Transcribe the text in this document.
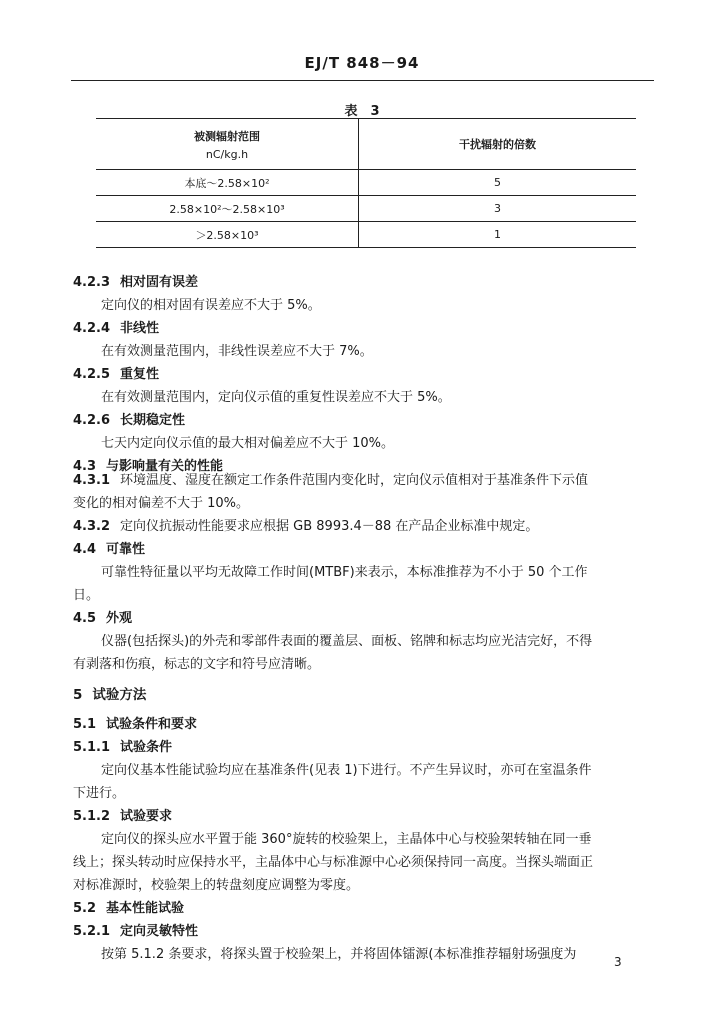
EJ/T 848－94
表　3
被测辐射范围
nC/kg.h	干扰辐射的倍数
本底～2.58×10²	5
2.58×10²～2.58×10³	3
＞2.58×10³	1
4.2.3 相对固有误差
定向仪的相对固有误差应不大于 5%。
4.2.4 非线性
在有效测量范围内，非线性误差应不大于 7%。
4.2.5 重复性
在有效测量范围内，定向仪示值的重复性误差应不大于 5%。
4.2.6 长期稳定性
七天内定向仪示值的最大相对偏差应不大于 10%。
4.3 与影响量有关的性能
4.3.1 环境温度、湿度在额定工作条件范围内变化时，定向仪示值相对于基准条件下示值
变化的相对偏差不大于 10%。
4.3.2 定向仪抗振动性能要求应根据 GB 8993.4－88 在产品企业标准中规定。
4.4 可靠性
可靠性特征量以平均无故障工作时间(MTBF)来表示，本标准推荐为不小于 50 个工作
日。
4.5 外观
仪器(包括探头)的外壳和零部件表面的覆盖层、面板、铭牌和标志均应光洁完好，不得
有剥落和伤痕，标志的文字和符号应清晰。
5 试验方法
5.1 试验条件和要求
5.1.1 试验条件
定向仪基本性能试验均应在基准条件(见表 1)下进行。不产生异议时，亦可在室温条件
下进行。
5.1.2 试验要求
定向仪的探头应水平置于能 360°旋转的校验架上，主晶体中心与校验架转轴在同一垂
线上；探头转动时应保持水平，主晶体中心与标准源中心必须保持同一高度。当探头端面正
对标准源时，校验架上的转盘刻度应调整为零度。
5.2 基本性能试验
5.2.1 定向灵敏特性
按第 5.1.2 条要求，将探头置于校验架上，并将固体镭源(本标准推荐辐射场强度为	3
